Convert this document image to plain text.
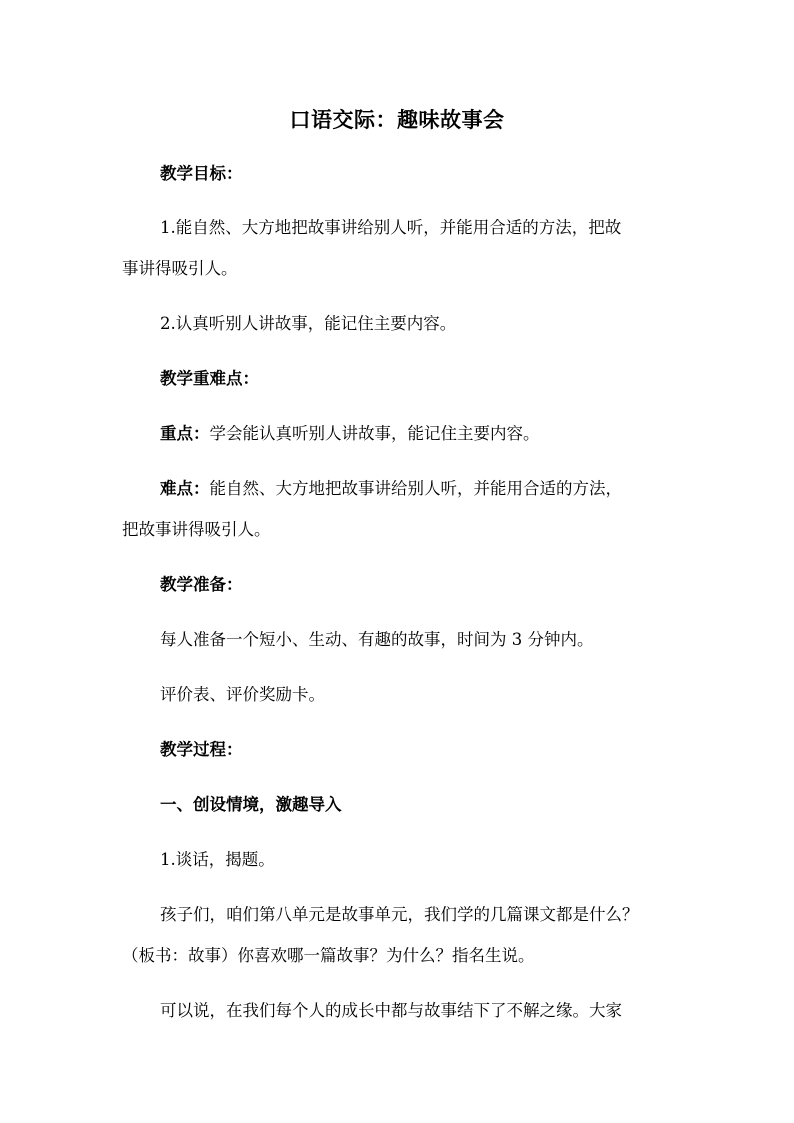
口语交际：趣味故事会
教学目标：
1.能自然、大方地把故事讲给别人听，并能用合适的方法，把故
事讲得吸引人。
2.认真听别人讲故事，能记住主要内容。
教学重难点：
重点：学会能认真听别人讲故事，能记住主要内容。
难点：能自然、大方地把故事讲给别人听，并能用合适的方法，
把故事讲得吸引人。
教学准备：
每人准备一个短小、生动、有趣的故事，时间为 3 分钟内。
评价表、评价奖励卡。
教学过程：
一、创设情境，激趣导入
1.谈话，揭题。
孩子们，咱们第八单元是故事单元，我们学的几篇课文都是什么？
（板书：故事）你喜欢哪一篇故事？为什么？指名生说。
可以说，在我们每个人的成长中都与故事结下了不解之缘。大家
